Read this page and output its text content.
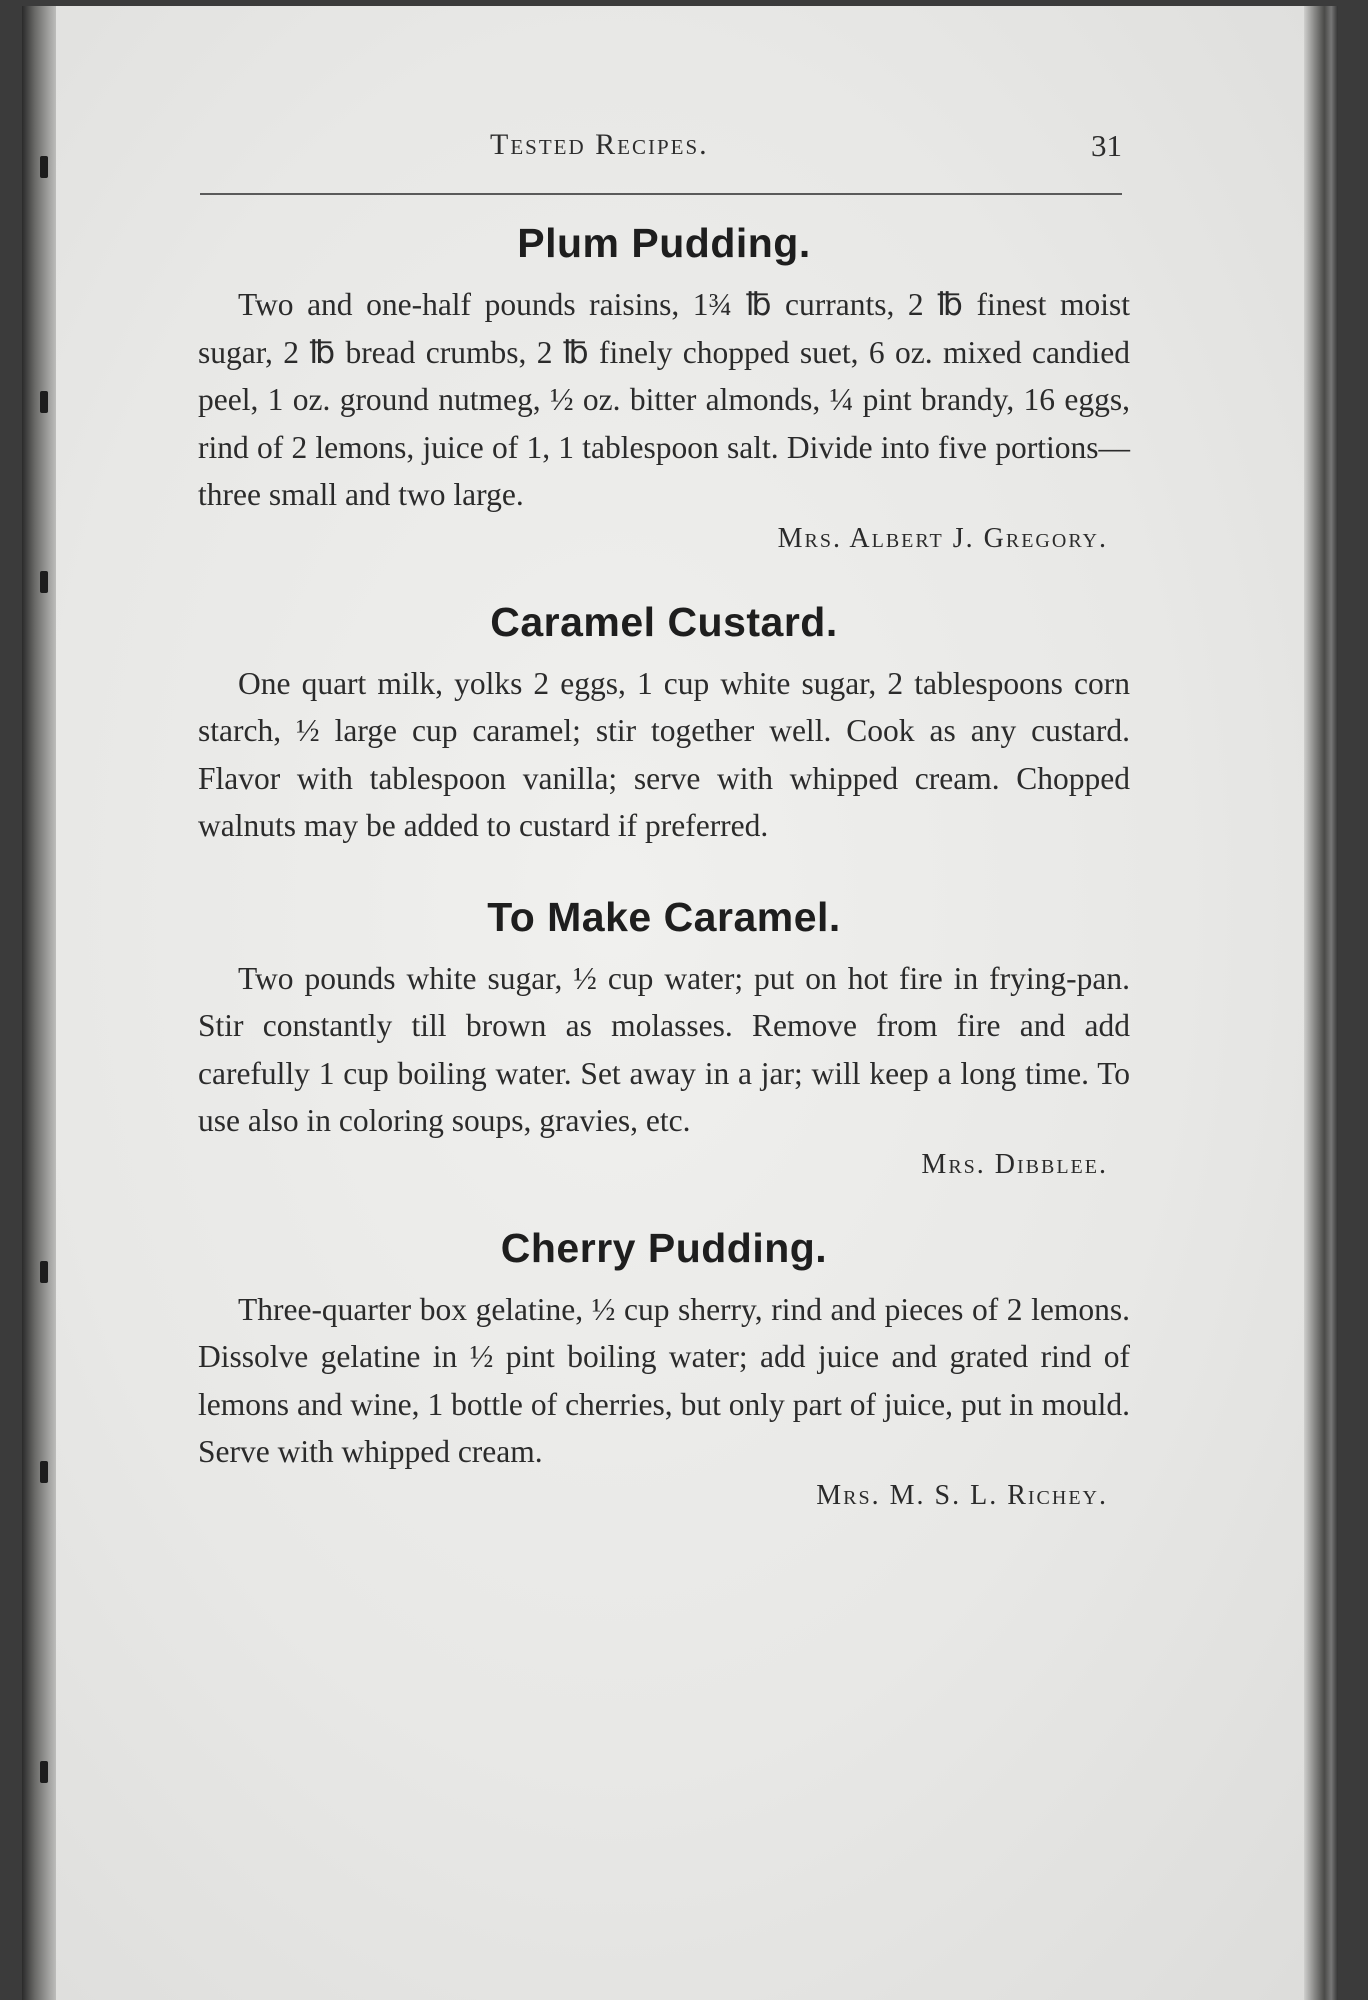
Tested Recipes.	31
Plum Pudding.

Two and one-half pounds raisins, 1¾ ℔ currants, 2 ℔ finest moist sugar, 2 ℔ bread crumbs, 2 ℔ finely chopped suet, 6 oz. mixed candied peel, 1 oz. ground nutmeg, ½ oz. bitter almonds, ¼ pint brandy, 16 eggs, rind of 2 lemons, juice of 1, 1 tablespoon salt. Divide into five portions—three small and two large.

Mrs. Albert J. Gregory.
Caramel Custard.

One quart milk, yolks 2 eggs, 1 cup white sugar, 2 tablespoons corn starch, ½ large cup caramel; stir together well. Cook as any custard. Flavor with tablespoon vanilla; serve with whipped cream. Chopped walnuts may be added to custard if preferred.

To Make Caramel.

Two pounds white sugar, ½ cup water; put on hot fire in frying-pan. Stir constantly till brown as molasses. Remove from fire and add carefully 1 cup boiling water. Set away in a jar; will keep a long time. To use also in coloring soups, gravies, etc.

Mrs. Dibblee.
Cherry Pudding.

Three-quarter box gelatine, ½ cup sherry, rind and pieces of 2 lemons. Dissolve gelatine in ½ pint boiling water; add juice and grated rind of lemons and wine, 1 bottle of cherries, but only part of juice, put in mould. Serve with whipped cream.

Mrs. M. S. L. Richey.
